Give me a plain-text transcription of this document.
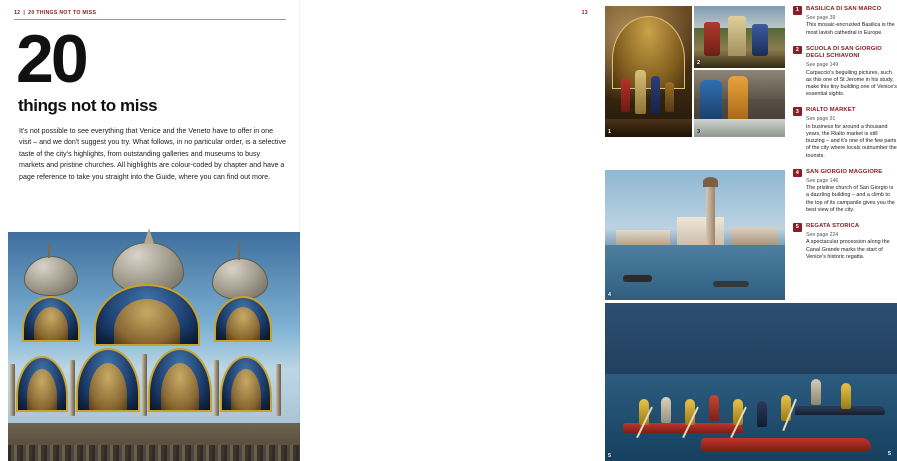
12 | 20 THINGS NOT TO MISS
20
things not to miss
It's not possible to see everything that Venice and the Veneto have to offer in one visit – and we don't suggest you try. What follows, in no particular order, is a selective taste of the city's highlights, from outstanding galleries and museums to busy markets and pristine churches. All highlights are colour-coded by chapter and have a page reference to take you straight into the Guide, where you can find out more.
13
1
2
3
4
5	5
1	BASILICA DI SAN MARCO
See page 39
This mosaic-encrusted Basilica is the most lavish cathedral in Europe.
2	SCUOLA DI SAN GIORGIO DEGLI SCHIAVONI
See page 149
Carpaccio's beguiling pictures, such as this one of St Jerome in his study, make this tiny building one of Venice's essential sights.
3	RIALTO MARKET
See page 91
In business for around a thousand years, the Rialto market is still buzzing – and it's one of the few parts of the city where locals outnumber the tourists.
4	SAN GIORGIO MAGGIORE
See page 146
The pristine church of San Giorgio is a dazzling building – and a climb to the top of its campanile gives you the best view of the city.
5	REGATA STORICA
See page 224
A spectacular procession along the Canal Grande marks the start of Venice's historic regatta.
